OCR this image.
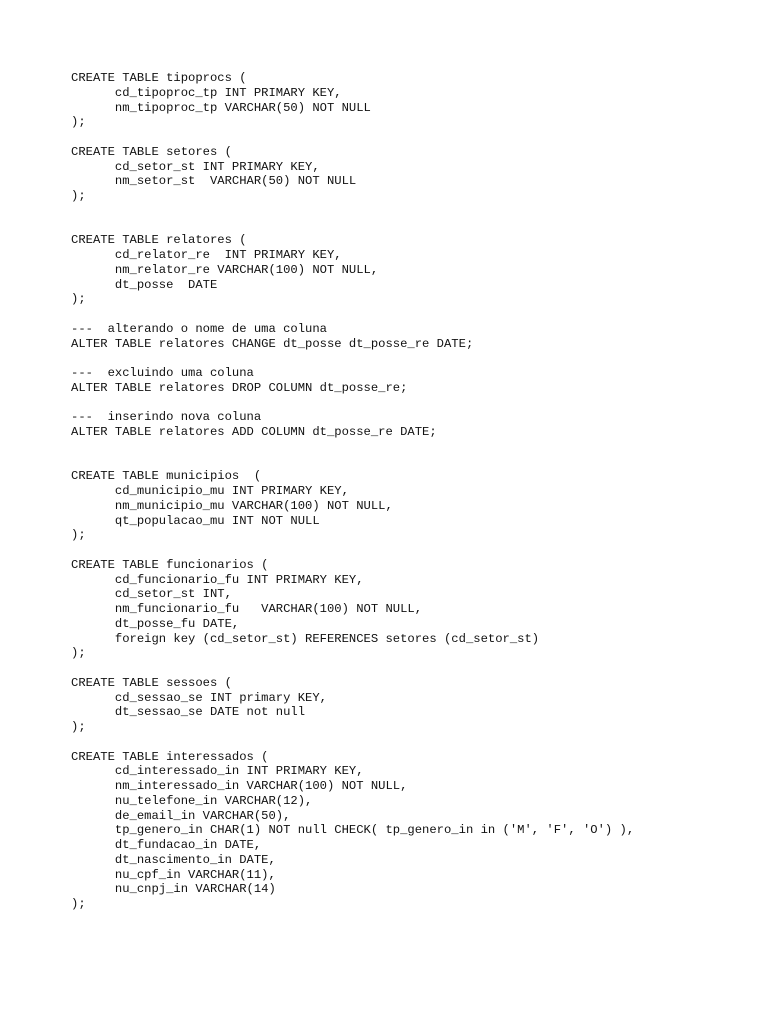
CREATE TABLE tipoprocs (
cd_tipoproc_tp INT PRIMARY KEY,
nm_tipoproc_tp VARCHAR(50) NOT NULL
);
CREATE TABLE setores (
cd_setor_st INT PRIMARY KEY,
nm_setor_st  VARCHAR(50) NOT NULL
);
CREATE TABLE relatores (
cd_relator_re  INT PRIMARY KEY,
nm_relator_re VARCHAR(100) NOT NULL,
dt_posse  DATE
);
---  alterando o nome de uma coluna
ALTER TABLE relatores CHANGE dt_posse dt_posse_re DATE;
---  excluindo uma coluna
ALTER TABLE relatores DROP COLUMN dt_posse_re;
---  inserindo nova coluna
ALTER TABLE relatores ADD COLUMN dt_posse_re DATE;
CREATE TABLE municipios  (
cd_municipio_mu INT PRIMARY KEY,
nm_municipio_mu VARCHAR(100) NOT NULL,
qt_populacao_mu INT NOT NULL
);
CREATE TABLE funcionarios (
cd_funcionario_fu INT PRIMARY KEY,
cd_setor_st INT,
nm_funcionario_fu   VARCHAR(100) NOT NULL,
dt_posse_fu DATE,
foreign key (cd_setor_st) REFERENCES setores (cd_setor_st)
);
CREATE TABLE sessoes (
cd_sessao_se INT primary KEY,
dt_sessao_se DATE not null
);
CREATE TABLE interessados (
cd_interessado_in INT PRIMARY KEY,
nm_interessado_in VARCHAR(100) NOT NULL,
nu_telefone_in VARCHAR(12),
de_email_in VARCHAR(50),
tp_genero_in CHAR(1) NOT null CHECK( tp_genero_in in ('M', 'F', 'O') ),
dt_fundacao_in DATE,
dt_nascimento_in DATE,
nu_cpf_in VARCHAR(11),
nu_cnpj_in VARCHAR(14)
);
